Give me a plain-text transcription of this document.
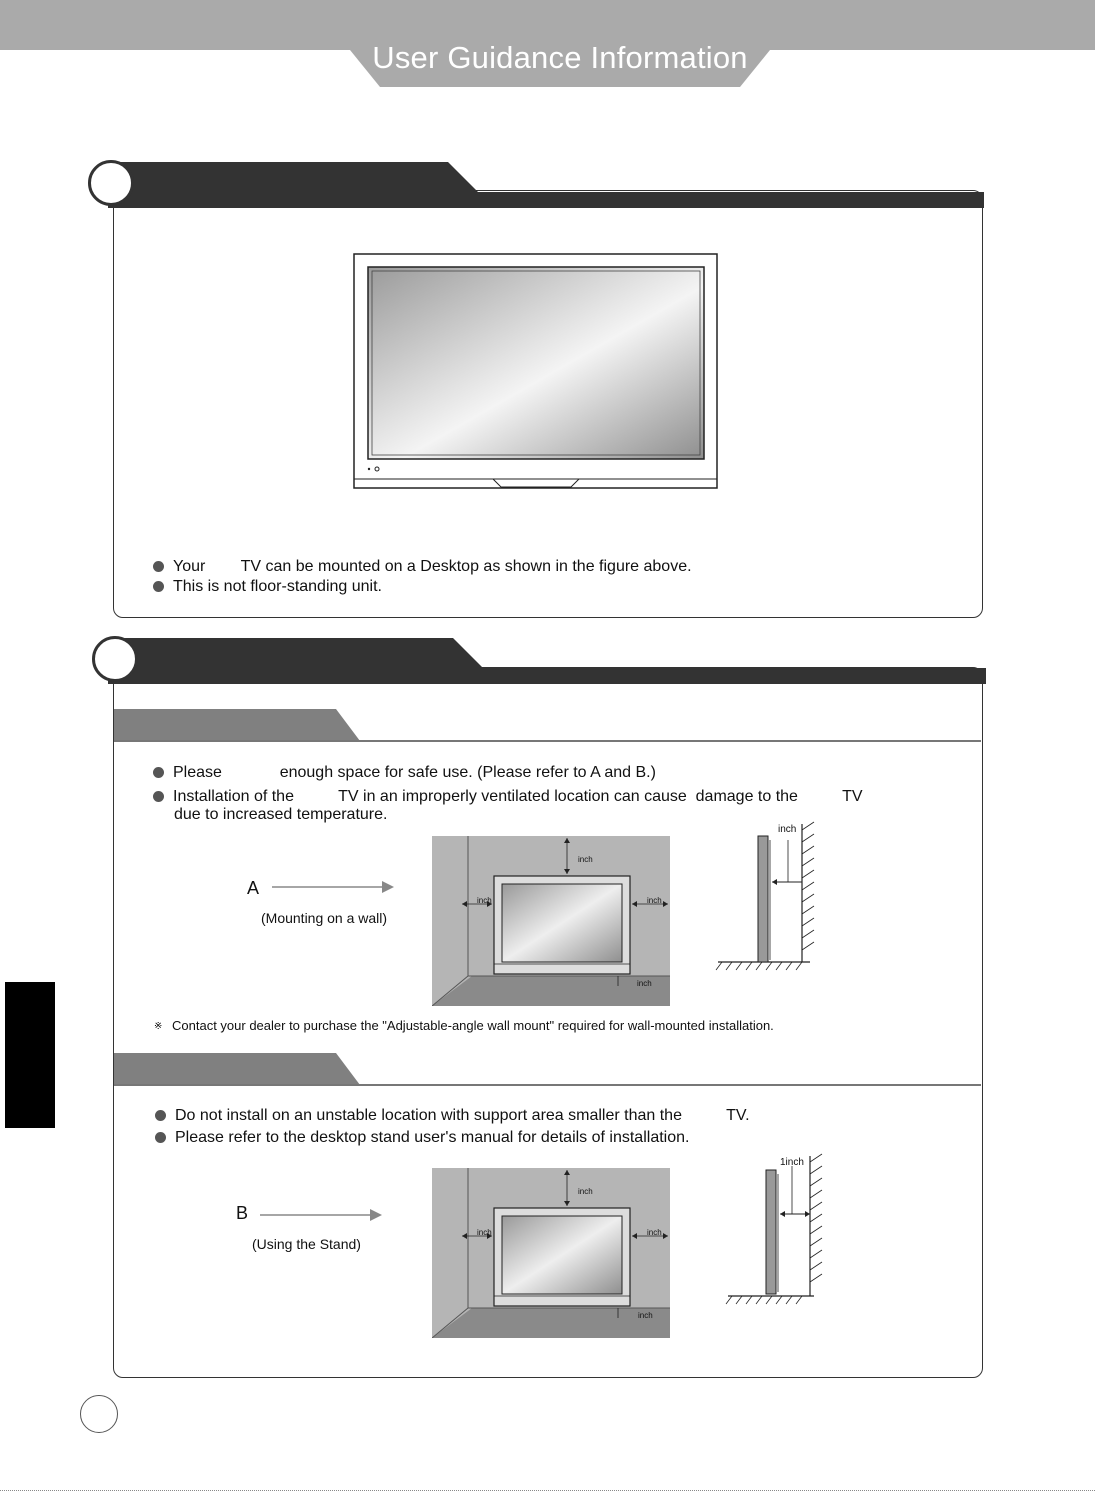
User Guidance Information
Your        TV can be mounted on a Desktop as shown in the figure above.
This is not floor-standing unit.
Please             enough space for safe use. (Please refer to A and B.)
Installation of the          TV in an improperly ventilated location can cause  damage to the          TV
due to increased temperature.
A
(Mounting on a wall)
inch
inch	inch
inch
inch
※ Contact your dealer to purchase the "Adjustable-angle wall mount" required for wall-mounted installation.
Do not install on an unstable location with support area smaller than the          TV.
Please refer to the desktop stand user's manual for details of installation.
B
(Using the Stand)
inch
inch	inch
inch
1inch
